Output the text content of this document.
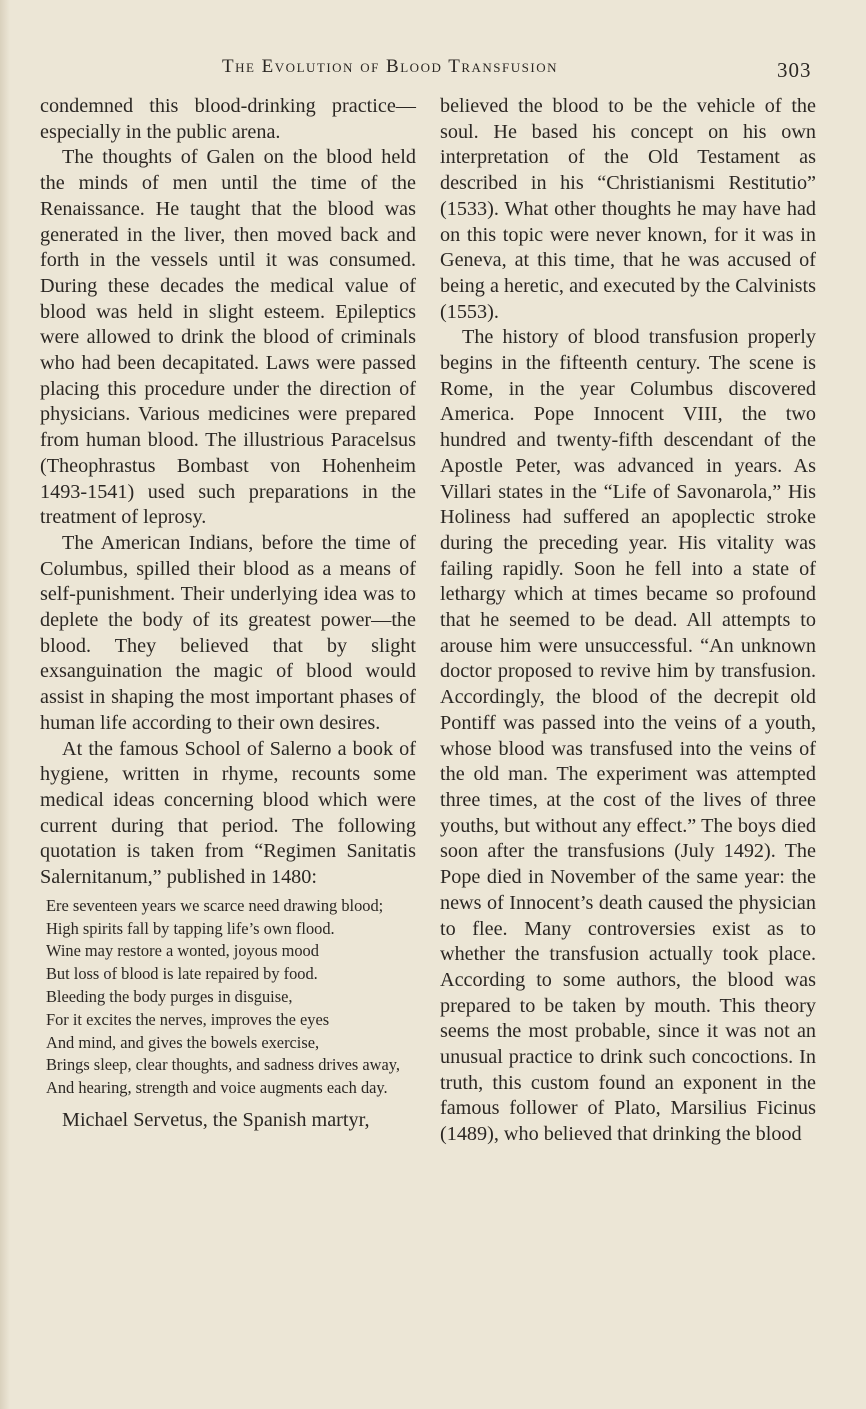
The Evolution of Blood Transfusion	303

condemned this blood-drinking practice—especially in the public arena.

The thoughts of Galen on the blood held the minds of men until the time of the Renaissance. He taught that the blood was generated in the liver, then moved back and forth in the vessels until it was consumed. During these decades the medical value of blood was held in slight esteem. Epileptics were allowed to drink the blood of criminals who had been decapitated. Laws were passed placing this procedure under the direction of physicians. Various medicines were prepared from human blood. The illustrious Paracelsus (Theophrastus Bombast von Hohenheim 1493-1541) used such preparations in the treatment of leprosy.

The American Indians, before the time of Columbus, spilled their blood as a means of self-punishment. Their underlying idea was to deplete the body of its greatest power—the blood. They believed that by slight exsanguination the magic of blood would assist in shaping the most important phases of human life according to their own desires.

At the famous School of Salerno a book of hygiene, written in rhyme, recounts some medical ideas concerning blood which were current during that period. The following quotation is taken from “Regimen Sanitatis Salernitanum,” published in 1480:

Ere seventeen years we scarce need drawing blood;

High spirits fall by tapping life’s own flood.

Wine may restore a wonted, joyous mood

But loss of blood is late repaired by food.

Bleeding the body purges in disguise,

For it excites the nerves, improves the eyes

And mind, and gives the bowels exercise,

Brings sleep, clear thoughts, and sadness drives away,

And hearing, strength and voice augments each day.

Michael Servetus, the Spanish martyr,

believed the blood to be the vehicle of the soul. He based his concept on his own interpretation of the Old Testament as described in his “Christianismi Restitutio” (1533). What other thoughts he may have had on this topic were never known, for it was in Geneva, at this time, that he was accused of being a heretic, and executed by the Calvinists (1553).

The history of blood transfusion properly begins in the fifteenth century. The scene is Rome, in the year Columbus discovered America. Pope Innocent VIII, the two hundred and twenty-fifth descendant of the Apostle Peter, was advanced in years. As Villari states in the “Life of Savonarola,” His Holiness had suffered an apoplectic stroke during the preceding year. His vitality was failing rapidly. Soon he fell into a state of lethargy which at times became so profound that he seemed to be dead. All attempts to arouse him were unsuccessful. “An unknown doctor proposed to revive him by transfusion. Accordingly, the blood of the decrepit old Pontiff was passed into the veins of a youth, whose blood was transfused into the veins of the old man. The experiment was attempted three times, at the cost of the lives of three youths, but without any effect.” The boys died soon after the transfusions (July 1492). The Pope died in November of the same year: the news of Innocent’s death caused the physician to flee. Many controversies exist as to whether the transfusion actually took place. According to some authors, the blood was prepared to be taken by mouth. This theory seems the most probable, since it was not an unusual practice to drink such concoctions. In truth, this custom found an exponent in the famous follower of Plato, Marsilius Ficinus (1489), who believed that drinking the blood
